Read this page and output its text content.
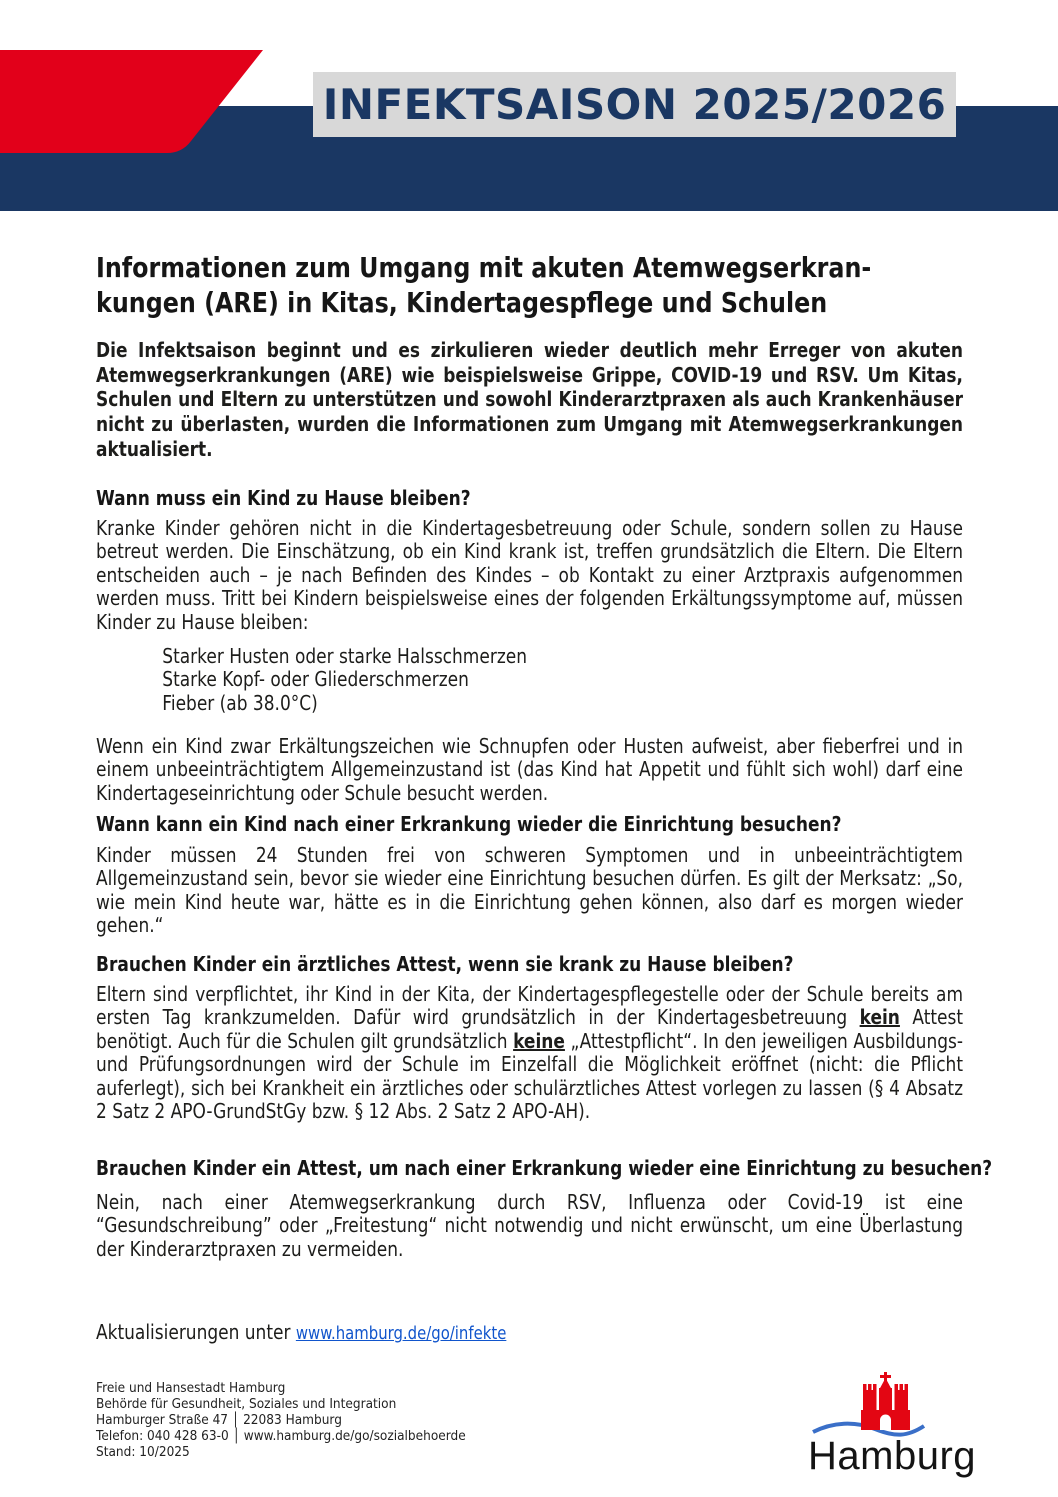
INFEKTSAISON 2025/2026
Informationen zum Umgang mit akuten Atemwegserkran-
kungen (ARE) in Kitas, Kindertagespflege und Schulen
Die Infektsaison beginnt und es zirkulieren wieder deutlich mehr Erreger von akuten Atemwegserkrankungen (ARE) wie beispielsweise Grippe, COVID-19 und RSV. Um Kitas, Schulen und Eltern zu unterstützen und sowohl Kinderarztpraxen als auch Krankenhäuser nicht zu überlasten, wurden die Informationen zum Umgang mit Atemwegserkrankungen aktualisiert.
Wann muss ein Kind zu Hause bleiben?
Kranke Kinder gehören nicht in die Kindertagesbetreuung oder Schule, sondern sollen zu Hause betreut werden. Die Einschätzung, ob ein Kind krank ist, treffen grundsätzlich die Eltern. Die Eltern entscheiden auch – je nach Befinden des Kindes – ob Kontakt zu einer Arztpraxis aufgenommen werden muss. Tritt bei Kindern beispielsweise eines der folgenden Erkältungssymptome auf, müssen Kinder zu Hause bleiben:
Starker Husten oder starke Halsschmerzen
Starke Kopf- oder Gliederschmerzen
Fieber (ab 38.0°C)
Wenn ein Kind zwar Erkältungszeichen wie Schnupfen oder Husten aufweist, aber fieberfrei und in einem unbeeinträchtigtem Allgemeinzustand ist (das Kind hat Appetit und fühlt sich wohl) darf eine Kindertageseinrichtung oder Schule besucht werden.
Wann kann ein Kind nach einer Erkrankung wieder die Einrichtung besuchen?
Kinder müssen 24 Stunden frei von schweren Symptomen und in unbeeinträchtigtem Allgemeinzustand sein, bevor sie wieder eine Einrichtung besuchen dürfen. Es gilt der Merksatz: „So, wie mein Kind heute war, hätte es in die Einrichtung gehen können, also darf es morgen wieder gehen.“
Brauchen Kinder ein ärztliches Attest, wenn sie krank zu Hause bleiben?
Eltern sind verpflichtet, ihr Kind in der Kita, der Kindertagespflegestelle oder der Schule bereits am ersten Tag krankzumelden. Dafür wird grundsätzlich in der Kindertagesbetreuung kein Attest benötigt. Auch für die Schulen gilt grundsätzlich keine „Attestpflicht“. In den jeweiligen Ausbildungs- und Prüfungsordnungen wird der Schule im Einzelfall die Möglichkeit eröffnet (nicht: die Pflicht auferlegt), sich bei Krankheit ein ärztliches oder schulärztliches Attest vorlegen zu lassen (§ 4 Absatz 2 Satz 2 APO-GrundStGy bzw. § 12 Abs. 2 Satz 2 APO-AH).
Brauchen Kinder ein Attest, um nach einer Erkrankung wieder eine Einrichtung zu besuchen?
Nein, nach einer Atemwegserkrankung durch RSV, Influenza oder Covid-19 ist eine “Gesundschreibung” oder „Freitestung“ nicht notwendig und nicht erwünscht, um eine Überlastung der Kinderarztpraxen zu vermeiden.
Aktualisierungen unter www.hamburg.de/go/infekte
Freie und Hansestadt Hamburg
Behörde für Gesundheit, Soziales und Integration
Hamburger Straße 47 │ 22083 Hamburg
Telefon: 040 428 63-0 │ www.hamburg.de/go/sozialbehoerde
Stand: 10/2025	Hamburg
